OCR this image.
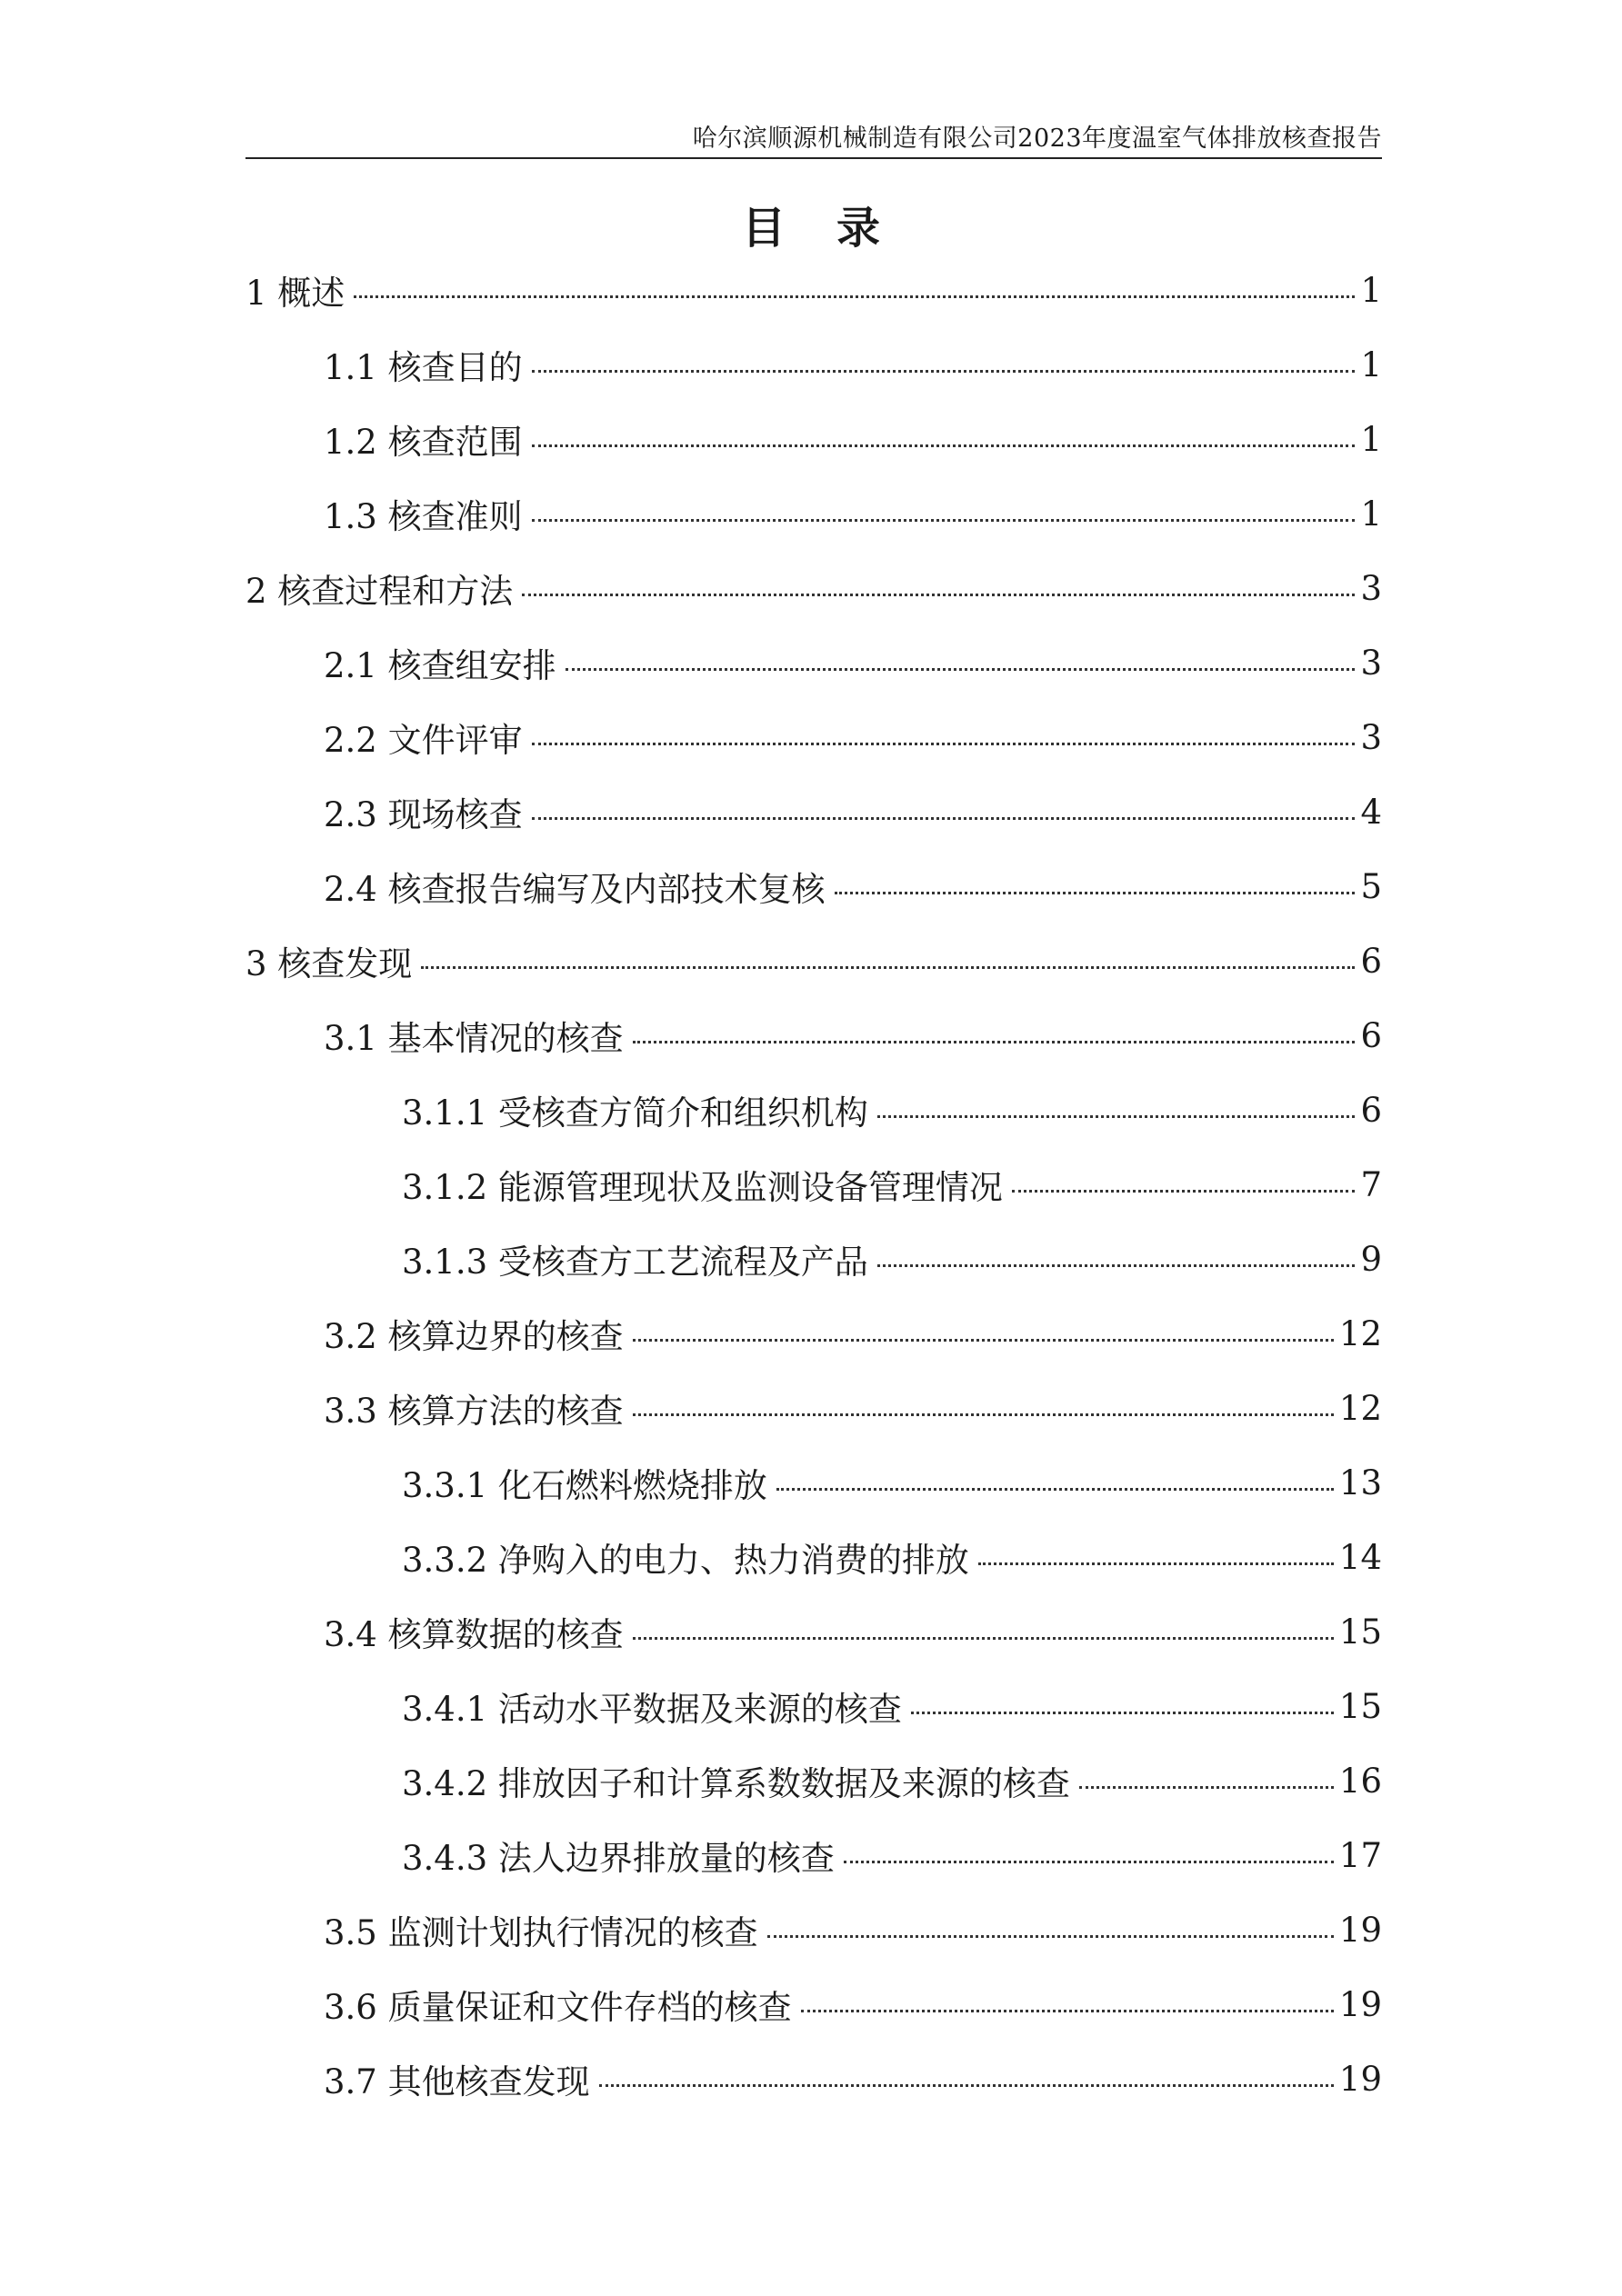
哈尔滨顺源机械制造有限公司2023年度温室气体排放核查报告
目录
1 概述	1
1.1 核查目的	1
1.2 核查范围	1
1.3 核查准则	1
2 核查过程和方法	3
2.1 核查组安排	3
2.2 文件评审	3
2.3 现场核查	4
2.4 核查报告编写及内部技术复核	5
3 核查发现	6
3.1 基本情况的核查	6
3.1.1 受核查方简介和组织机构	6
3.1.2 能源管理现状及监测设备管理情况	7
3.1.3 受核查方工艺流程及产品	9
3.2 核算边界的核查	12
3.3 核算方法的核查	12
3.3.1 化石燃料燃烧排放	13
3.3.2 净购入的电力、热力消费的排放	14
3.4 核算数据的核查	15
3.4.1 活动水平数据及来源的核查	15
3.4.2 排放因子和计算系数数据及来源的核查	16
3.4.3 法人边界排放量的核查	17
3.5 监测计划执行情况的核查	19
3.6 质量保证和文件存档的核查	19
3.7 其他核查发现	19
